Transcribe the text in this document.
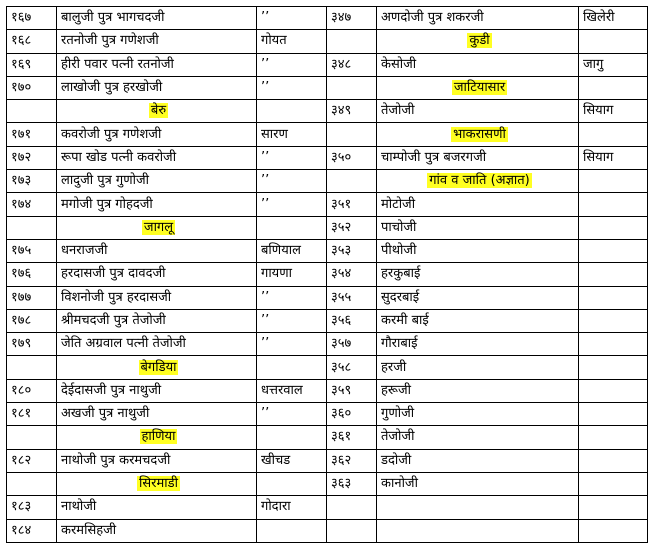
१६७	बालुजी पुत्र भागचदजी	’’	३४७	अणदोजी पुत्र शकरजी	खिलेरी
१६८	रतनोजी पुत्र गणेशजी	गोयत		कुडी	
१६९	हीरी पवार पत्नी रतनोजी	’’	३४८	केसोजी	जागु
१७०	लाखोजी पुत्र हरखोजी	’’		जाटियासार	
	बेरु		३४९	तेजोजी	सियाग
१७१	कवरोजी पुत्र गणेशजी	सारण		भाकरासणी	
१७२	रूपा खोड पत्नी कवरोजी	’’	३५०	चाम्पोजी पुत्र बजरगजी	सियाग
१७३	लादुजी पुत्र गुणोजी	’’		गांव व जाति (अज्ञात)	
१७४	मगोजी पुत्र गोहदजी	’’	३५१	मोटोजी	
	जागलू		३५२	पाचोजी	
१७५	धनराजजी	बणियाल	३५३	पीथोजी	
१७६	हरदासजी पुत्र दावदजी	गायणा	३५४	हरकुबाई	
१७७	विशनोजी पुत्र हरदासजी	’’	३५५	सुदरबाई	
१७८	श्रीमचदजी पुत्र तेजोजी	’’	३५६	करमी बाई	
१७९	जेति अग्रवाल पत्नी तेजोजी	’’	३५७	गौराबाई	
	बेगडिया		३५८	हरजी	
१८०	देईदासजी पुत्र नाथुजी	धत्तरवाल	३५९	हरूजी	
१८१	अखजी पुत्र नाथुजी	’’	३६०	गुणोजी	
	हाणिया		३६१	तेजोजी	
१८२	नाथोजी पुत्र करमचदजी	खीचड	३६२	डदोजी	
	सिरमाडी		३६३	कानोजी	
१८३	नाथोजी	गोदारा			
१८४	करमसिहजी				
